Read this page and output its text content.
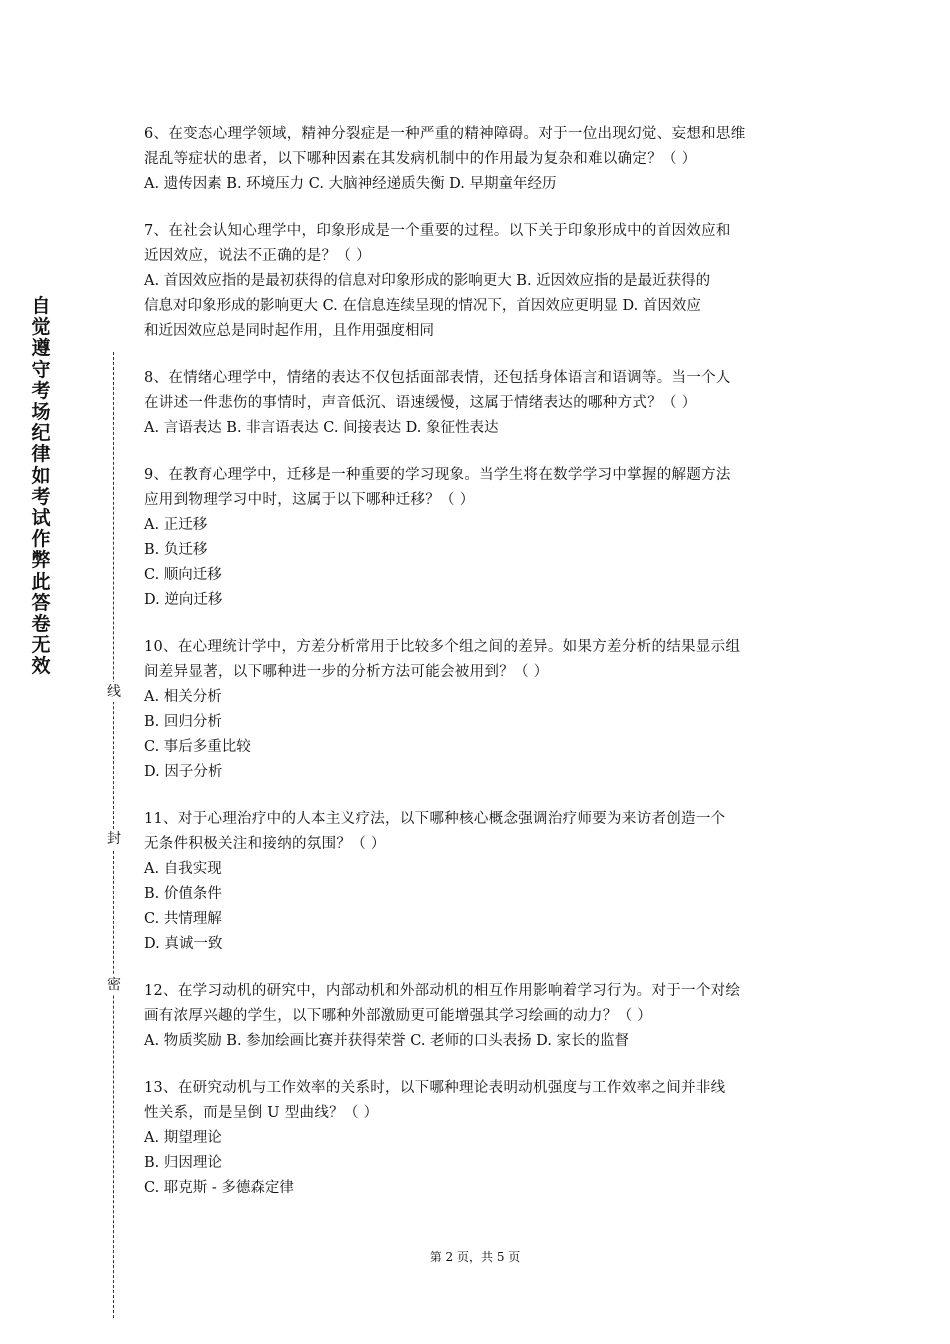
自觉遵守考场纪律如考试作弊此答卷无效
线
封
密

6、在变态心理学领域，精神分裂症是一种严重的精神障碍。对于一位出现幻觉、妄想和思维

混乱等症状的患者，以下哪种因素在其发病机制中的作用最为复杂和难以确定？（ ）

A. 遗传因素 B. 环境压力 C. 大脑神经递质失衡 D. 早期童年经历

7、在社会认知心理学中，印象形成是一个重要的过程。以下关于印象形成中的首因效应和

近因效应，说法不正确的是？（ ）

A. 首因效应指的是最初获得的信息对印象形成的影响更大 B. 近因效应指的是最近获得的

信息对印象形成的影响更大 C. 在信息连续呈现的情况下，首因效应更明显 D. 首因效应

和近因效应总是同时起作用，且作用强度相同

8、在情绪心理学中，情绪的表达不仅包括面部表情，还包括身体语言和语调等。当一个人

在讲述一件悲伤的事情时，声音低沉、语速缓慢，这属于情绪表达的哪种方式？（ ）

A. 言语表达 B. 非言语表达 C. 间接表达 D. 象征性表达

9、在教育心理学中，迁移是一种重要的学习现象。当学生将在数学学习中掌握的解题方法

应用到物理学习中时，这属于以下哪种迁移？（ ）

A. 正迁移

B. 负迁移

C. 顺向迁移

D. 逆向迁移

10、在心理统计学中，方差分析常用于比较多个组之间的差异。如果方差分析的结果显示组

间差异显著，以下哪种进一步的分析方法可能会被用到？（ ）

A. 相关分析

B. 回归分析

C. 事后多重比较

D. 因子分析

11、对于心理治疗中的人本主义疗法，以下哪种核心概念强调治疗师要为来访者创造一个

无条件积极关注和接纳的氛围？（ ）

A. 自我实现

B. 价值条件

C. 共情理解

D. 真诚一致

12、在学习动机的研究中，内部动机和外部动机的相互作用影响着学习行为。对于一个对绘

画有浓厚兴趣的学生，以下哪种外部激励更可能增强其学习绘画的动力？（ ）

A. 物质奖励 B. 参加绘画比赛并获得荣誉 C. 老师的口头表扬 D. 家长的监督

13、在研究动机与工作效率的关系时，以下哪种理论表明动机强度与工作效率之间并非线

性关系，而是呈倒 U 型曲线？（ ）

A. 期望理论

B. 归因理论

C. 耶克斯 - 多德森定律

第 2 页，共 5 页
